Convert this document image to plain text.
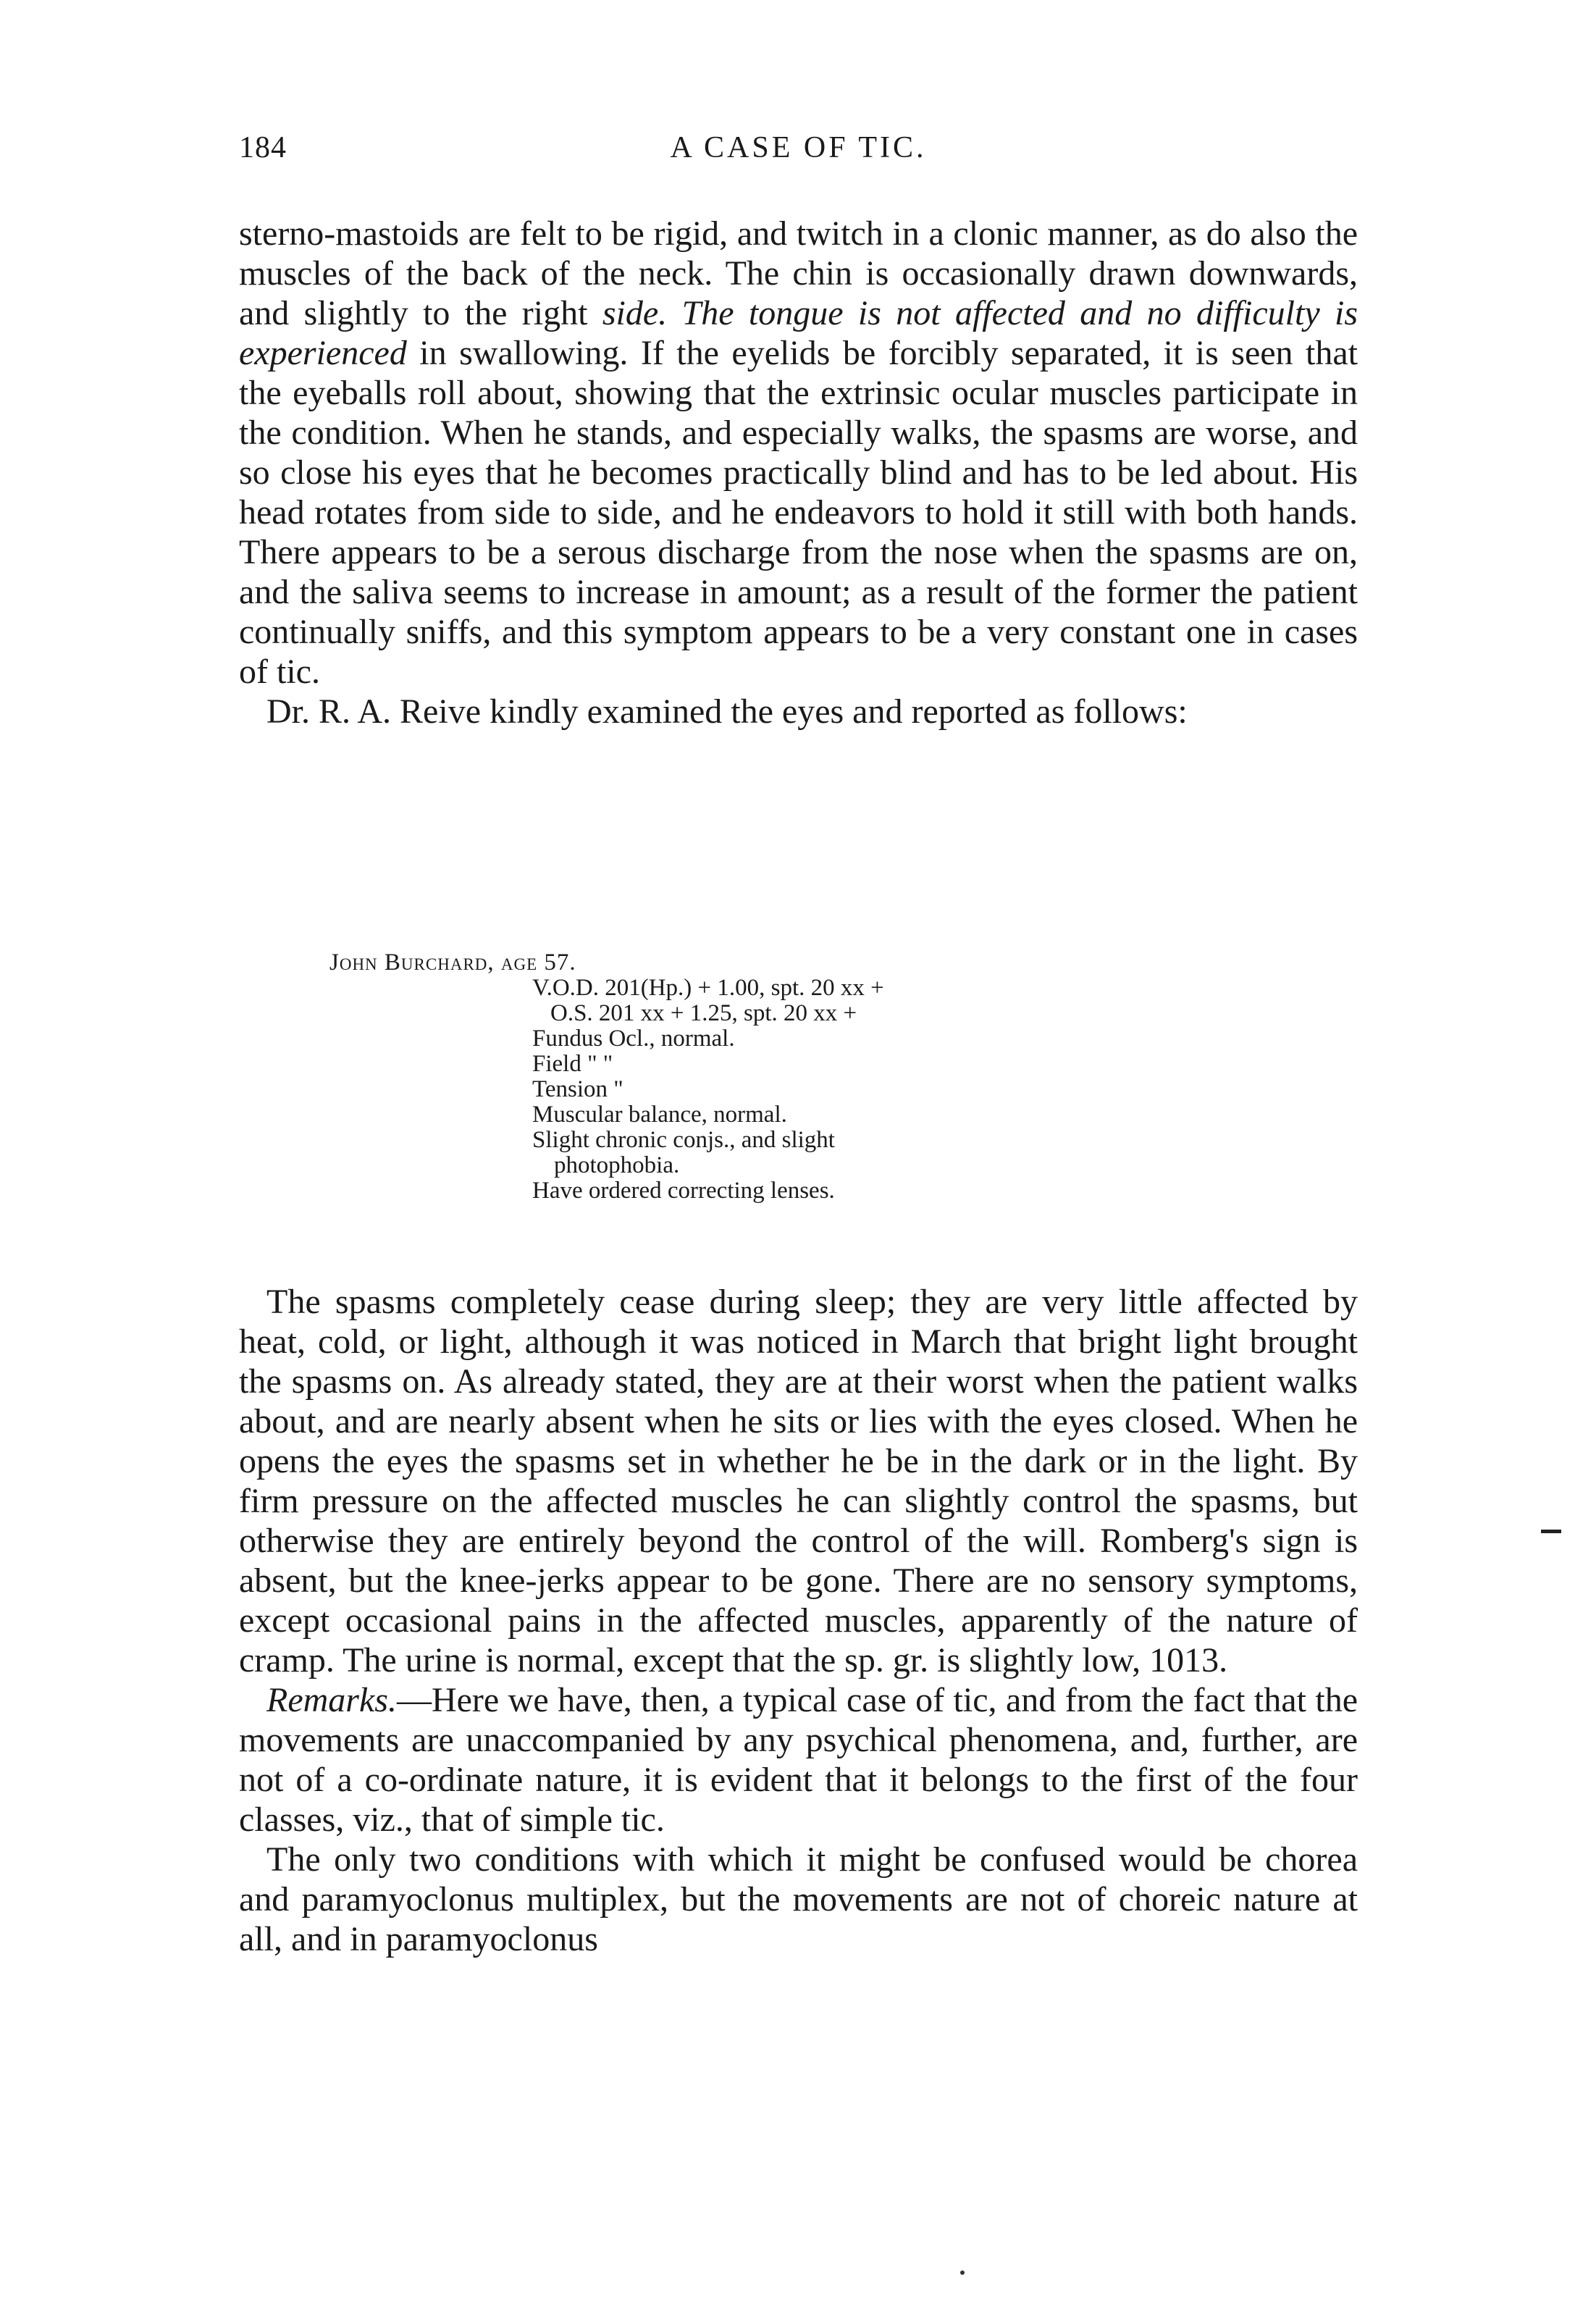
184	A CASE OF TIC.

sterno-mastoids are felt to be rigid, and twitch in a clonic manner, as do also the muscles of the back of the neck. The chin is occasionally drawn downwards, and slightly to the right side. The tongue is not affected and no difficulty is experienced in swallowing. If the eyelids be forcibly separated, it is seen that the eyeballs roll about, showing that the extrinsic ocular muscles participate in the condition. When he stands, and especially walks, the spasms are worse, and so close his eyes that he becomes practically blind and has to be led about. His head rotates from side to side, and he endeavors to hold it still with both hands. There appears to be a serous discharge from the nose when the spasms are on, and the saliva seems to increase in amount; as a result of the former the patient continually sniffs, and this symptom appears to be a very constant one in cases of tic.

Dr. R. A. Reive kindly examined the eyes and reported as follows:

John Burchard, age 57.
V.O.D. 201(Hp.) + 1.00, spt. 20 xx +
O.S. 201 xx + 1.25, spt. 20 xx +
Fundus Ocl., normal.
Field " "
Tension "
Muscular balance, normal.
Slight chronic conjs., and slight
photophobia.
Have ordered correcting lenses.

The spasms completely cease during sleep; they are very little affected by heat, cold, or light, although it was noticed in March that bright light brought the spasms on. As already stated, they are at their worst when the patient walks about, and are nearly absent when he sits or lies with the eyes closed. When he opens the eyes the spasms set in whether he be in the dark or in the light. By firm pressure on the affected muscles he can slightly control the spasms, but otherwise they are entirely beyond the control of the will. Romberg's sign is absent, but the knee-jerks appear to be gone. There are no sensory symptoms, except occasional pains in the affected muscles, apparently of the nature of cramp. The urine is normal, except that the sp. gr. is slightly low, 1013.

Remarks.—Here we have, then, a typical case of tic, and from the fact that the movements are unaccompanied by any psychical phenomena, and, further, are not of a co-ordinate nature, it is evident that it belongs to the first of the four classes, viz., that of simple tic.

The only two conditions with which it might be confused would be chorea and paramyoclonus multiplex, but the movements are not of choreic nature at all, and in paramyoclonus
